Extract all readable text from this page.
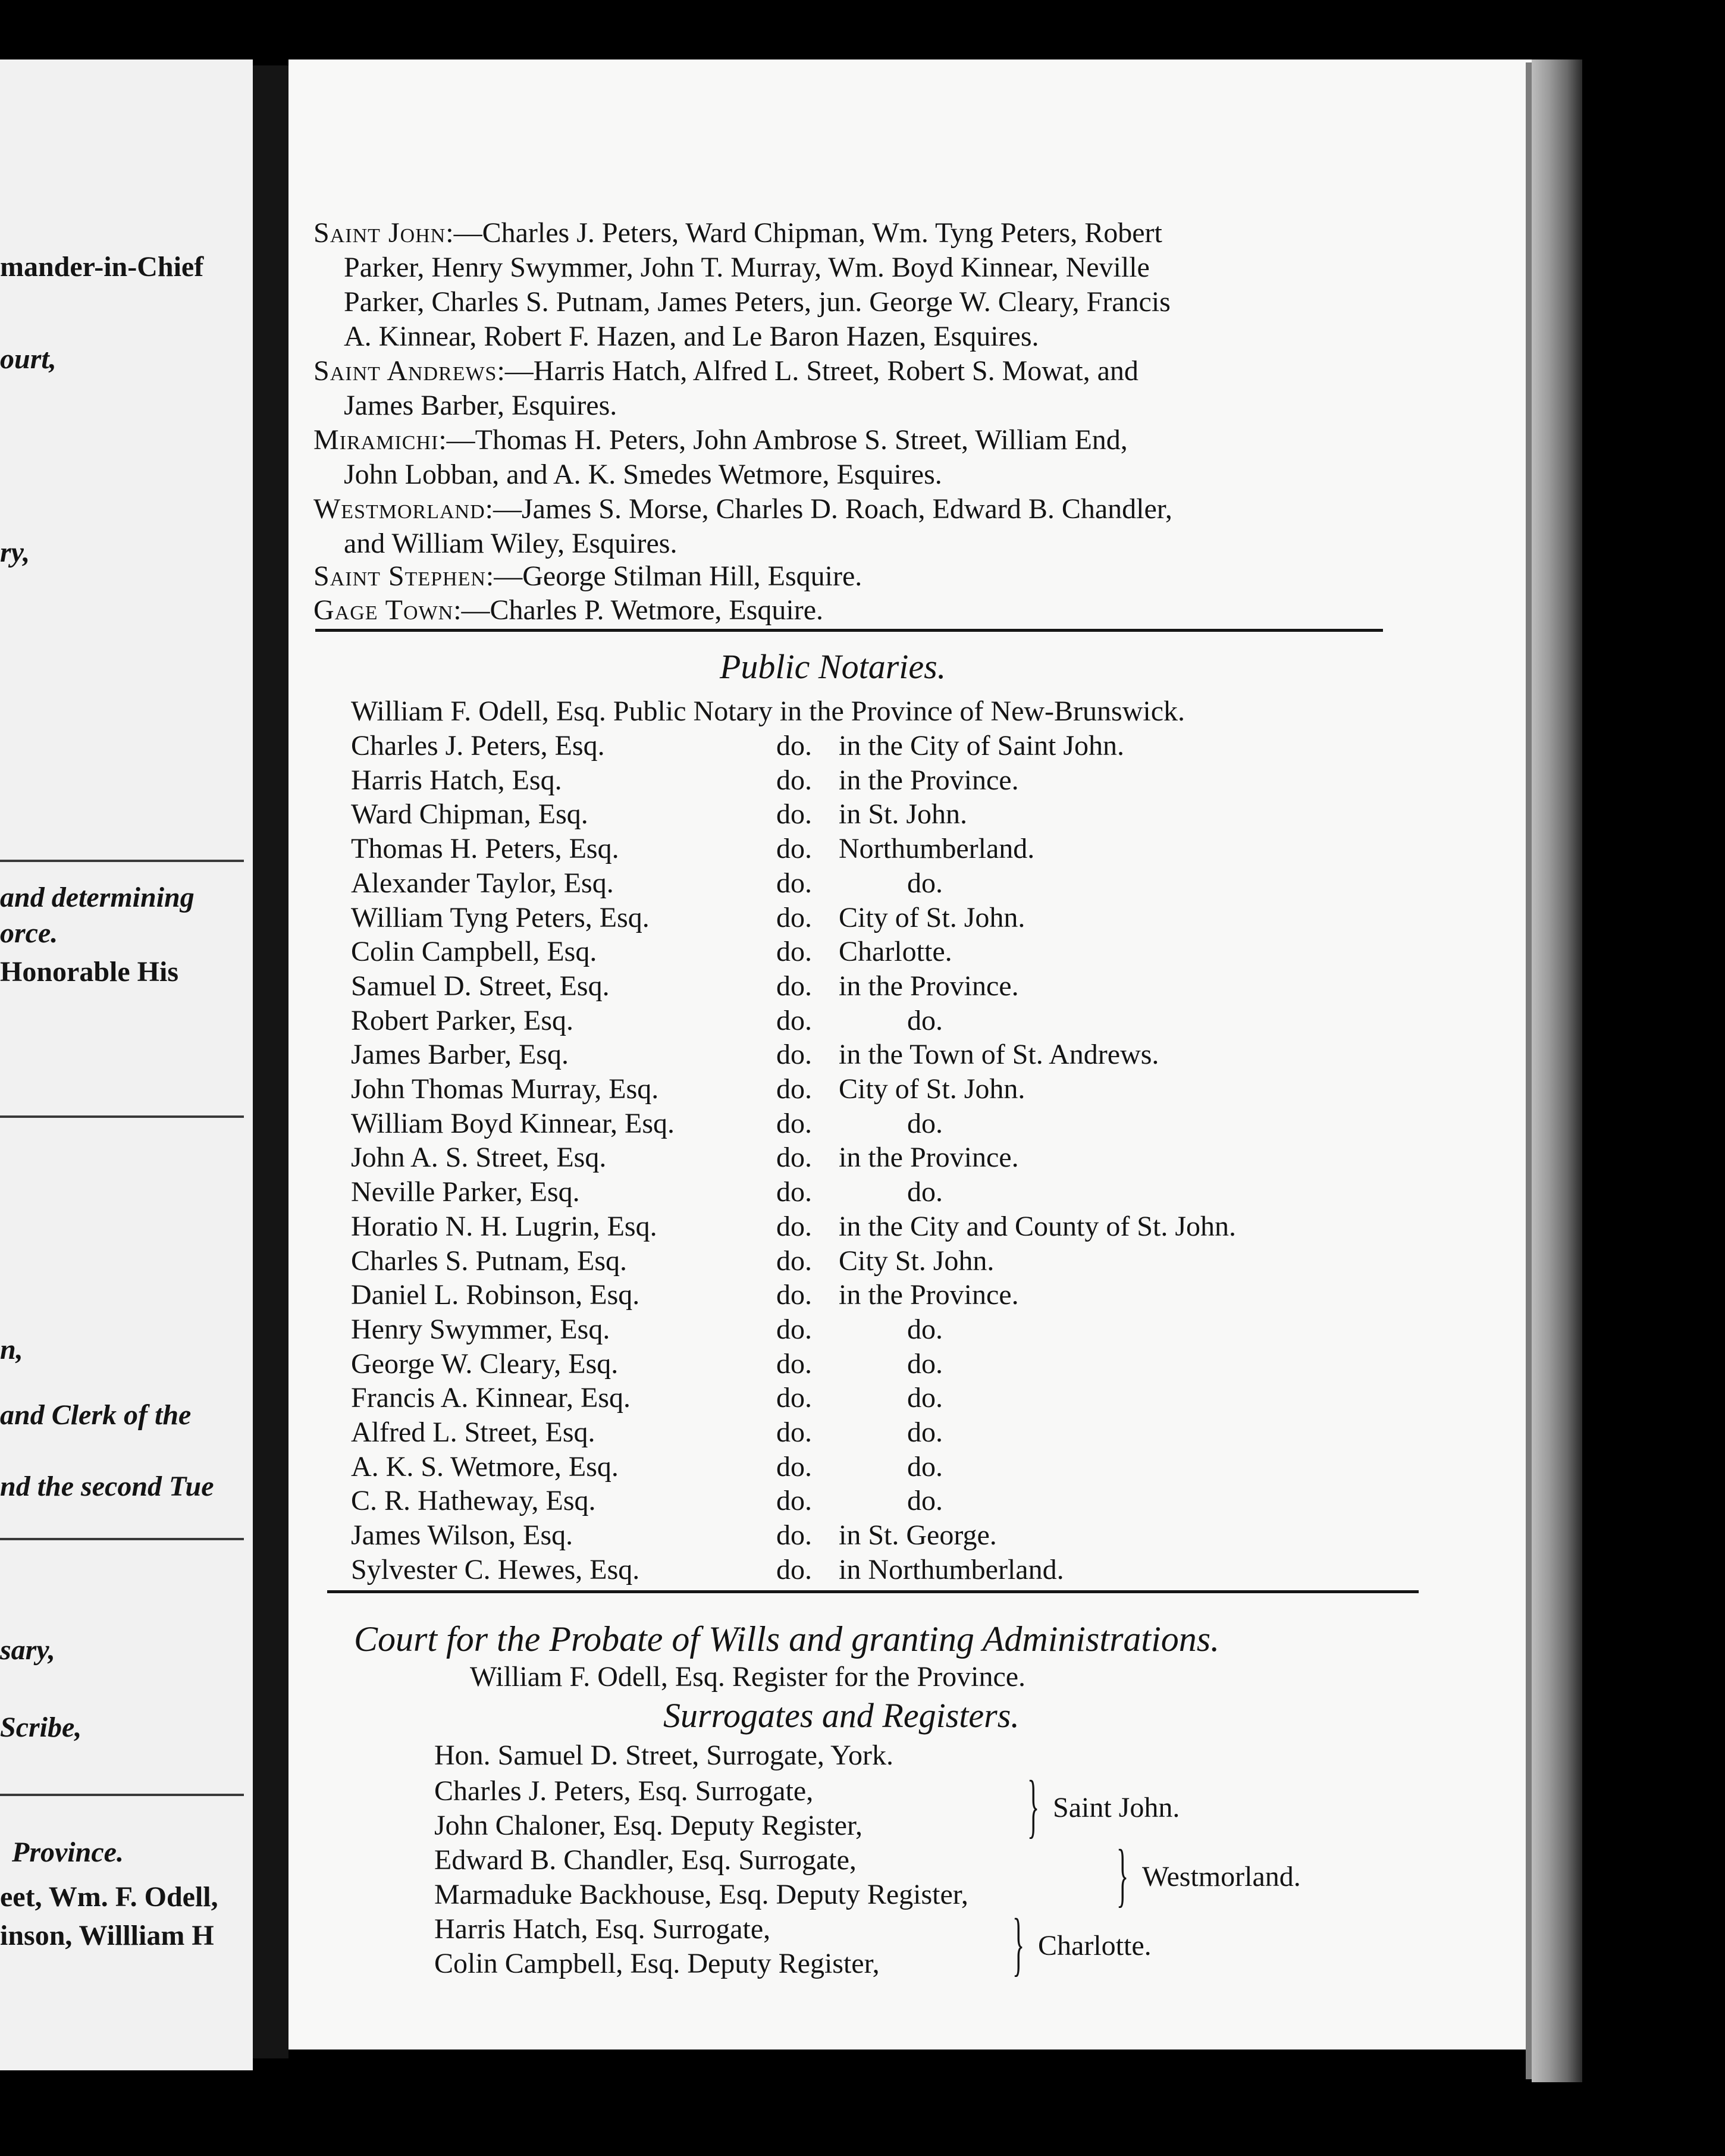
mander-in-Chief
ourt,
ry,
and determining
orce.
Honorable His
n,
and Clerk of the
nd the second Tue
sary,
Scribe,
Province.
eet, Wm. F. Odell,
inson, Willliam H
Saint John:—Charles J. Peters, Ward Chipman, Wm. Tyng Peters, Robert
Parker, Henry Swymmer, John T. Murray, Wm. Boyd Kinnear, Neville
Parker, Charles S. Putnam, James Peters, jun. George W. Cleary, Francis
A. Kinnear, Robert F. Hazen, and Le Baron Hazen, Esquires.
Saint Andrews:—Harris Hatch, Alfred L. Street, Robert S. Mowat, and
James Barber, Esquires.
Miramichi:—Thomas H. Peters, John Ambrose S. Street, William End,
John Lobban, and A. K. Smedes Wetmore, Esquires.
Westmorland:—James S. Morse, Charles D. Roach, Edward B. Chandler,
and William Wiley, Esquires.
Saint Stephen:—George Stilman Hill, Esquire.
Gage Town:—Charles P. Wetmore, Esquire.
Public Notaries.
William F. Odell, Esq. Public Notary in the Province of New-Brunswick.
Charles J. Peters, Esq.	do. in the City of Saint John.
Harris Hatch, Esq.	do. in the Province.
Ward Chipman, Esq.	do. in St. John.
Thomas H. Peters, Esq.	do. Northumberland.
Alexander Taylor, Esq.	do.	do.
William Tyng Peters, Esq.	do. City of St. John.
Colin Campbell, Esq.	do. Charlotte.
Samuel D. Street, Esq.	do. in the Province.
Robert Parker, Esq.	do.	do.
James Barber, Esq.	do. in the Town of St. Andrews.
John Thomas Murray, Esq.	do. City of St. John.
William Boyd Kinnear, Esq.	do.	do.
John A. S. Street, Esq.	do. in the Province.
Neville Parker, Esq.	do.	do.
Horatio N. H. Lugrin, Esq.	do. in the City and County of St. John.
Charles S. Putnam, Esq.	do. City St. John.
Daniel L. Robinson, Esq.	do. in the Province.
Henry Swymmer, Esq.	do.	do.
George W. Cleary, Esq.	do.	do.
Francis A. Kinnear, Esq.	do.	do.
Alfred L. Street, Esq.	do.	do.
A. K. S. Wetmore, Esq.	do.	do.
C. R. Hatheway, Esq.	do.	do.
James Wilson, Esq.	do. in St. George.
Sylvester C. Hewes, Esq.	do. in Northumberland.
Court for the Probate of Wills and granting Administrations.
William F. Odell, Esq. Register for the Province.
Surrogates and Registers.
Hon. Samuel D. Street, Surrogate, York.
Charles J. Peters, Esq. Surrogate,
John Chaloner, Esq. Deputy Register, } Saint John.
Edward B. Chandler, Esq. Surrogate,
Marmaduke Backhouse, Esq. Deputy Register, } Westmorland.
Harris Hatch, Esq. Surrogate,
Colin Campbell, Esq. Deputy Register, } Charlotte.
